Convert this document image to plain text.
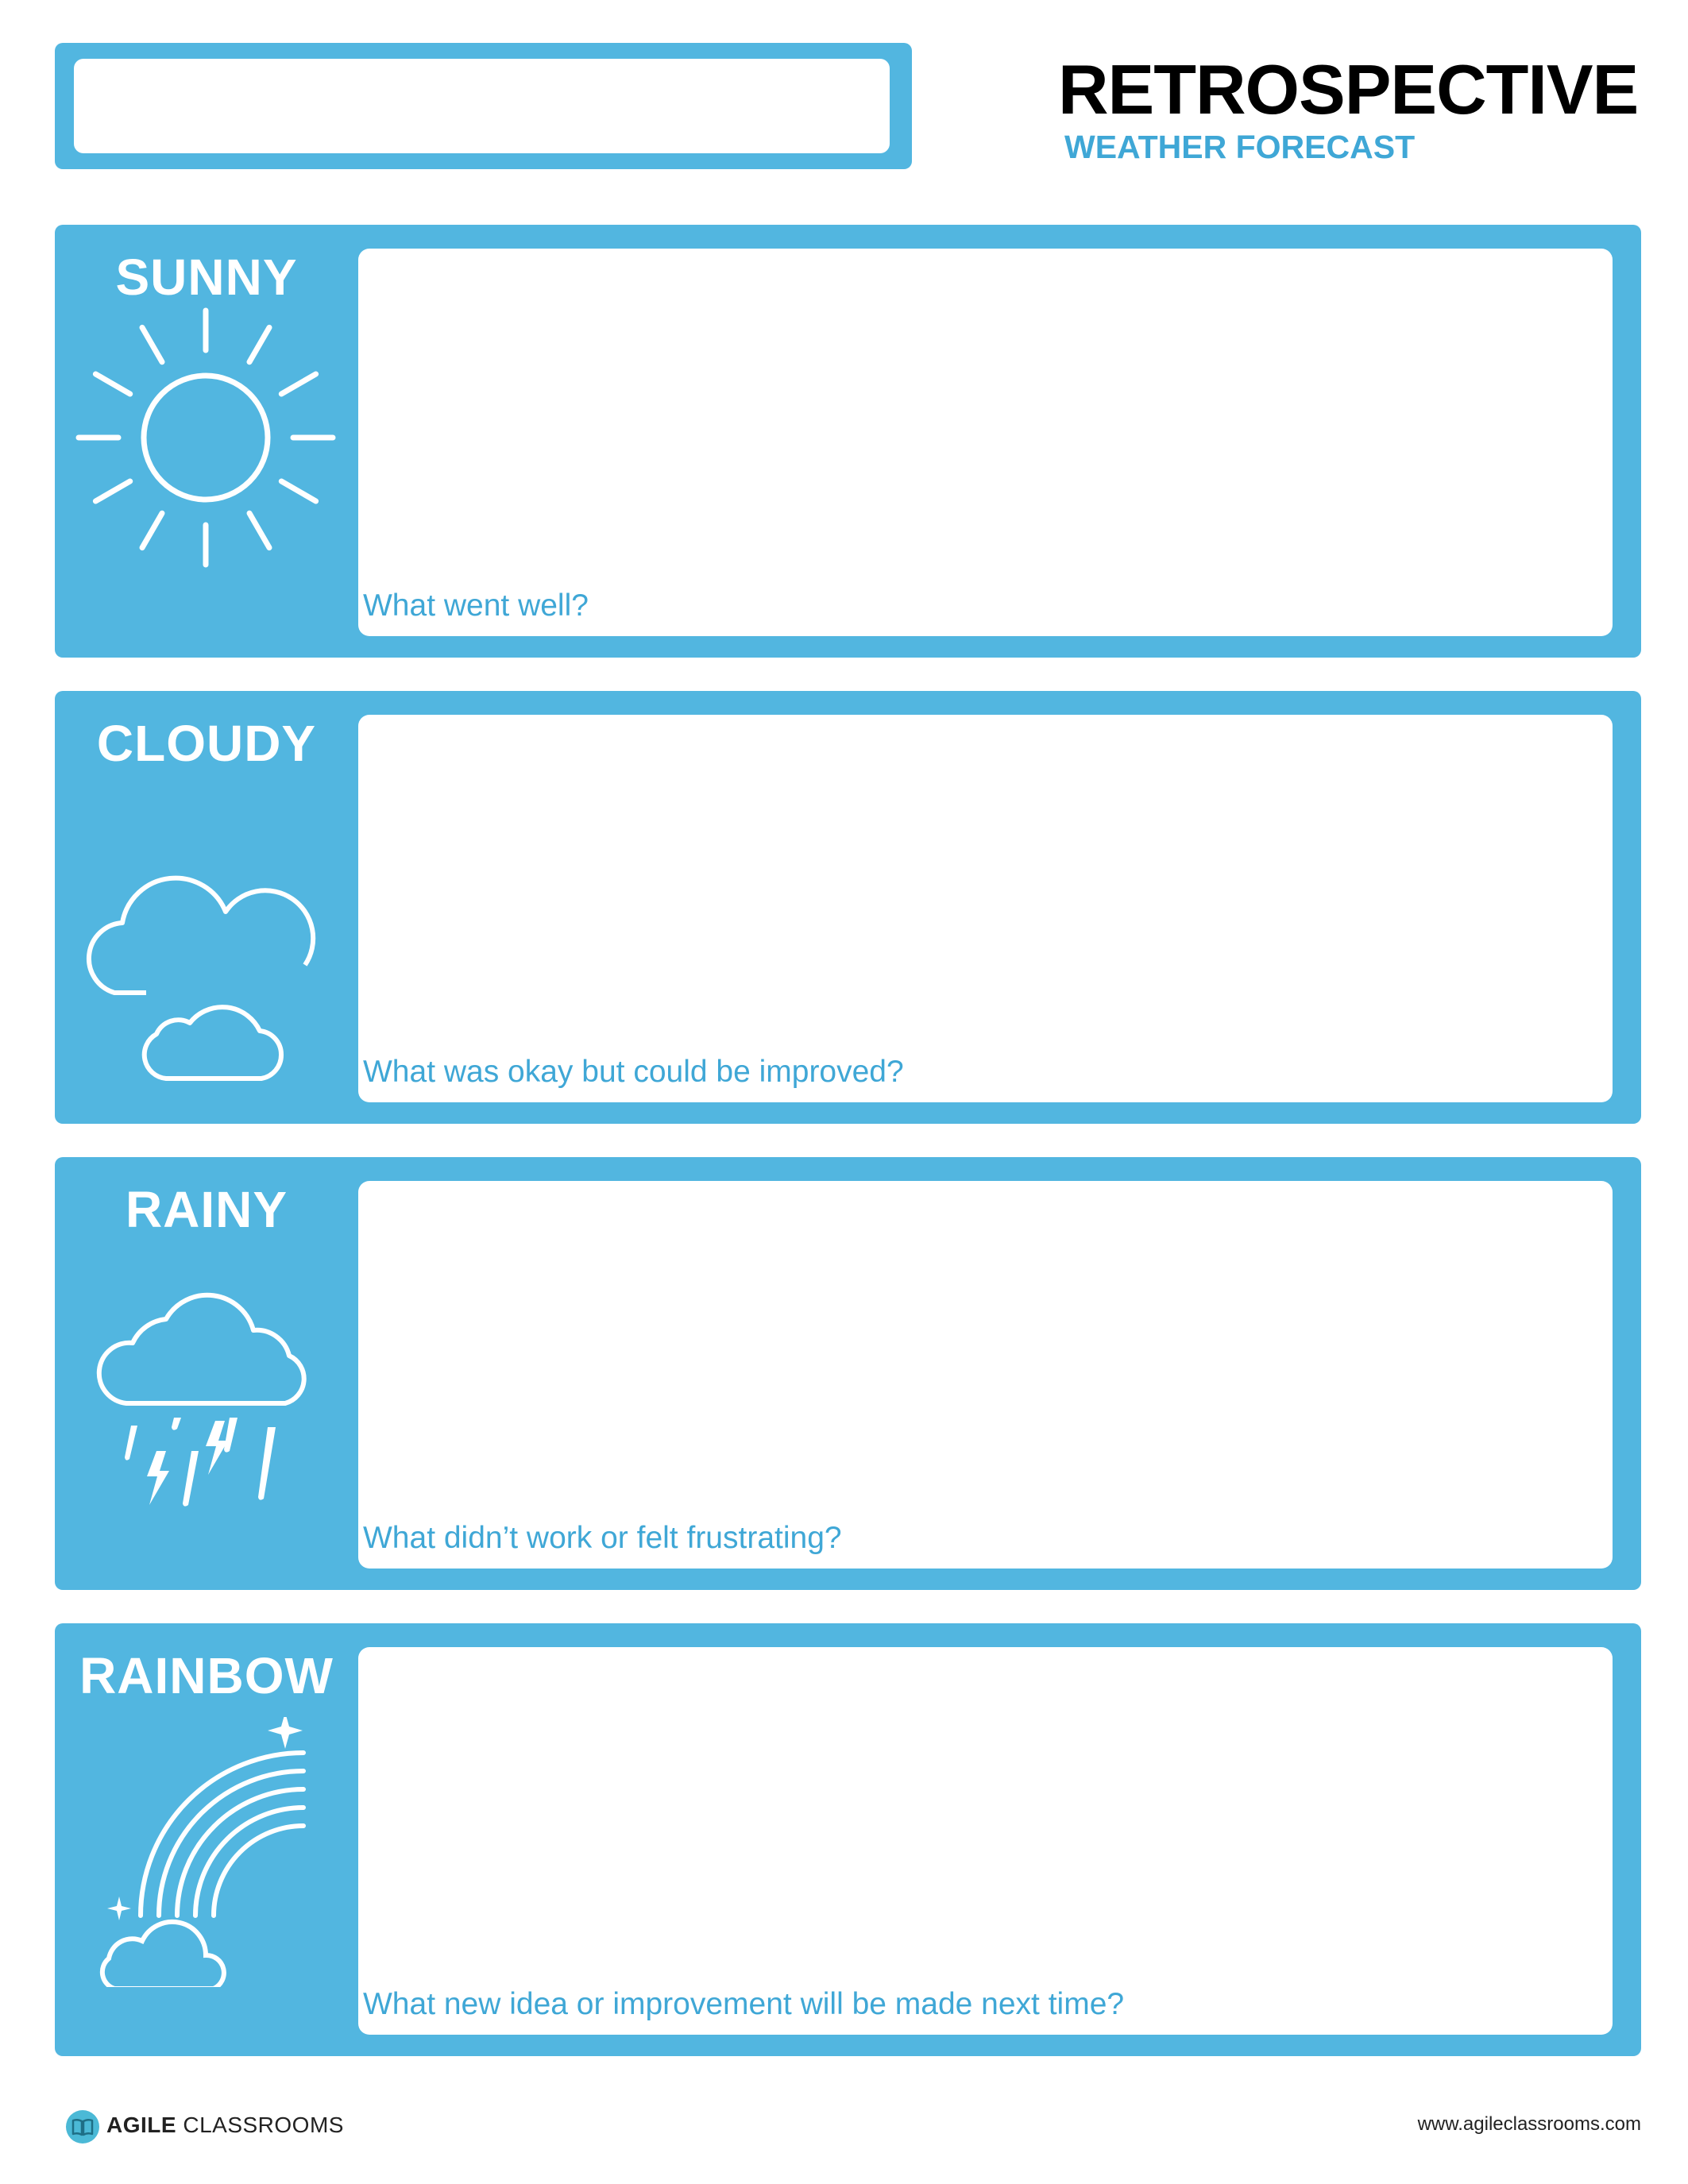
RETROSPECTIVE
WEATHER FORECAST
SUNNY
What went well?
CLOUDY
What was okay but could be improved?
RAINY
What didn’t work or felt frustrating?
RAINBOW
What new idea or improvement will be made next time?
AGILE CLASSROOMS	www.agileclassrooms.com
